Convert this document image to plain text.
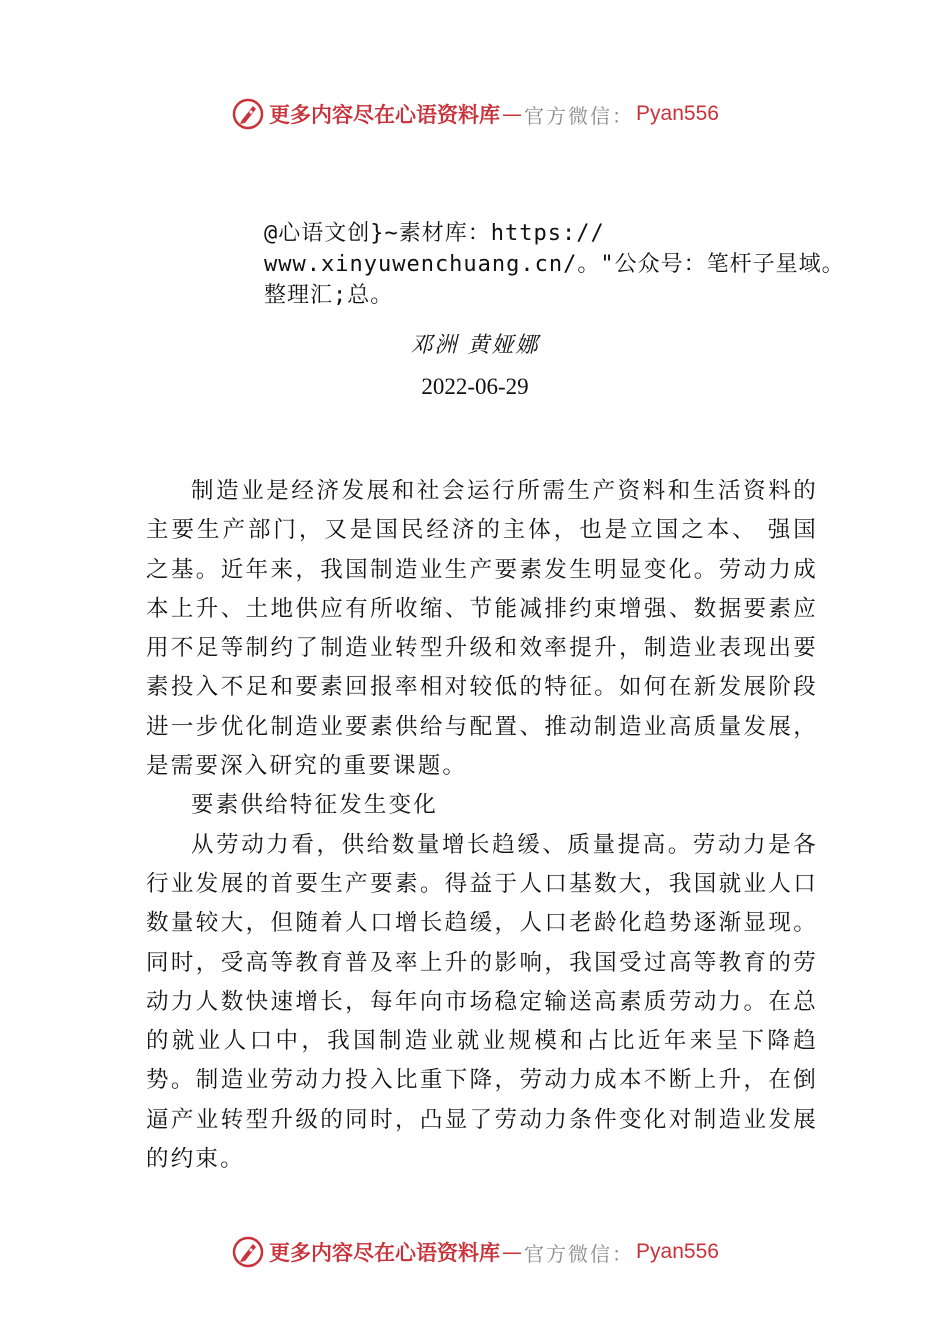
更多内容尽在心语资料库 — 官方微信： Pyan556
@心语文创}~素材库：https://
www.xinyuwenchuang.cn/。"公众号：笔杆子星域。
整理汇;总。
邓洲 黄娅娜
2022-06-29

制造业是经济发展和社会运行所需生产资料和生活资料的主要生产部门，又是国民经济的主体，也是立国之本、 强国之基。近年来，我国制造业生产要素发生明显变化。劳动力成本上升、土地供应有所收缩、节能减排约束增强、数据要素应用不足等制约了制造业转型升级和效率提升，制造业表现出要素投入不足和要素回报率相对较低的特征。如何在新发展阶段进一步优化制造业要素供给与配置、推动制造业高质量发展，是需要深入研究的重要课题。

要素供给特征发生变化

从劳动力看，供给数量增长趋缓、质量提高。劳动力是各行业发展的首要生产要素。得益于人口基数大，我国就业人口数量较大，但随着人口增长趋缓，人口老龄化趋势逐渐显现。同时，受高等教育普及率上升的影响，我国受过高等教育的劳动力人数快速增长，每年向市场稳定输送高素质劳动力。在总的就业人口中，我国制造业就业规模和占比近年来呈下降趋势。制造业劳动力投入比重下降，劳动力成本不断上升，在倒逼产业转型升级的同时，凸显了劳动力条件变化对制造业发展的约束。

更多内容尽在心语资料库 — 官方微信： Pyan556
